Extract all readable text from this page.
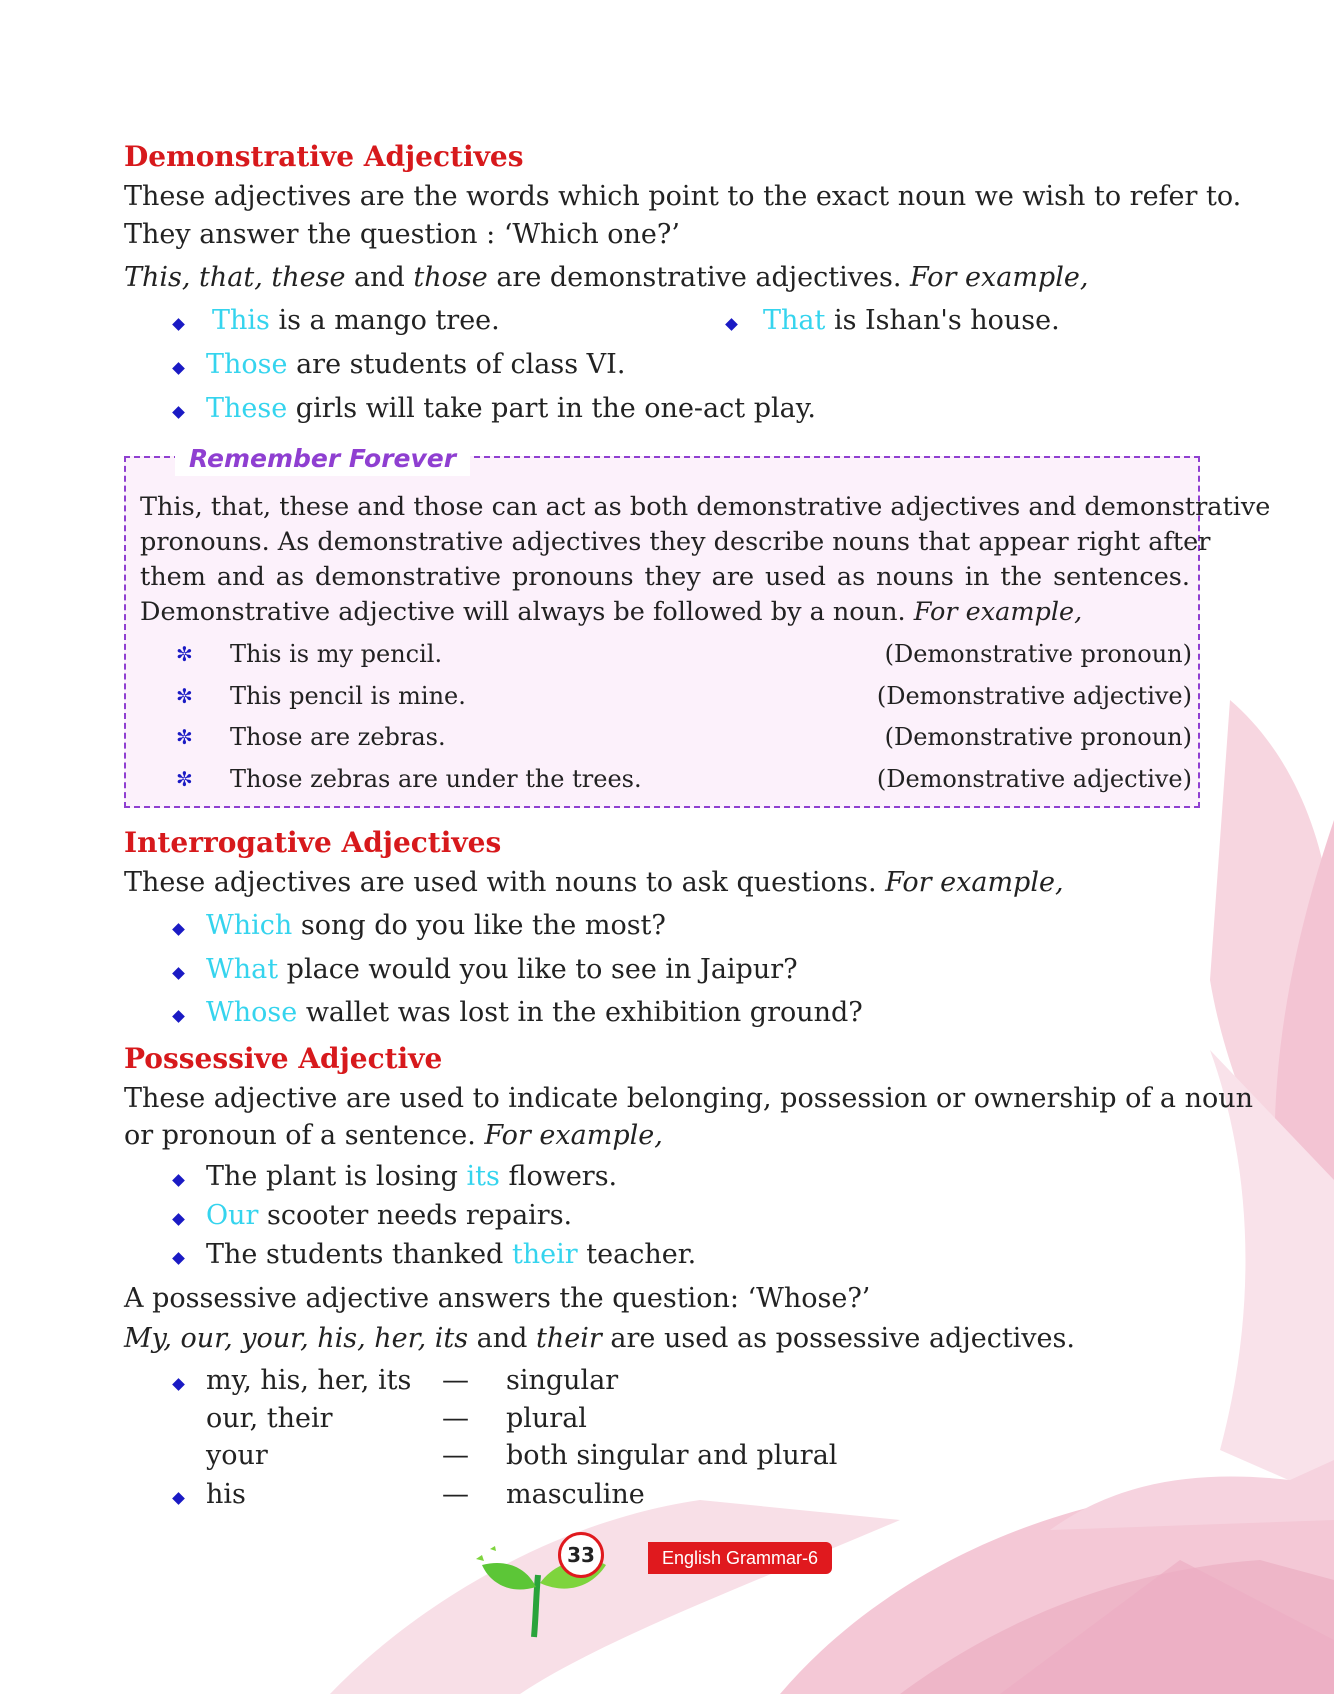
Demonstrative Adjectives
These adjectives are the words which point to the exact noun we wish to refer to.
They answer the question : ‘Which one?’
This, that, these and those are demonstrative adjectives. For example,
This is a mango tree.	That is Ishan's house.
Those are students of class VI.
These girls will take part in the one-act play.
Remember Forever
This, that, these and those can act as both demonstrative adjectives and demonstrative
pronouns. As demonstrative adjectives they describe nouns that appear right after
them and as demonstrative pronouns they are used as nouns in the sentences.
Demonstrative adjective will always be followed by a noun. For example,
✼ This is my pencil.	(Demonstrative pronoun)
✼ This pencil is mine.	(Demonstrative adjective)
✼ Those are zebras.	(Demonstrative pronoun)
✼ Those zebras are under the trees.	(Demonstrative adjective)
Interrogative Adjectives
These adjectives are used with nouns to ask questions. For example,
Which song do you like the most?
What place would you like to see in Jaipur?
Whose wallet was lost in the exhibition ground?
Possessive Adjective
These adjective are used to indicate belonging, possession or ownership of a noun
or pronoun of a sentence. For example,
The plant is losing its flowers.
Our scooter needs repairs.
The students thanked their teacher.
A possessive adjective answers the question: ‘Whose?’
My, our, your, his, her, its and their are used as possessive adjectives.
my, his, her, its — singular
our, their	— plural
your	— both singular and plural
his	— masculine
33	English Grammar-6
